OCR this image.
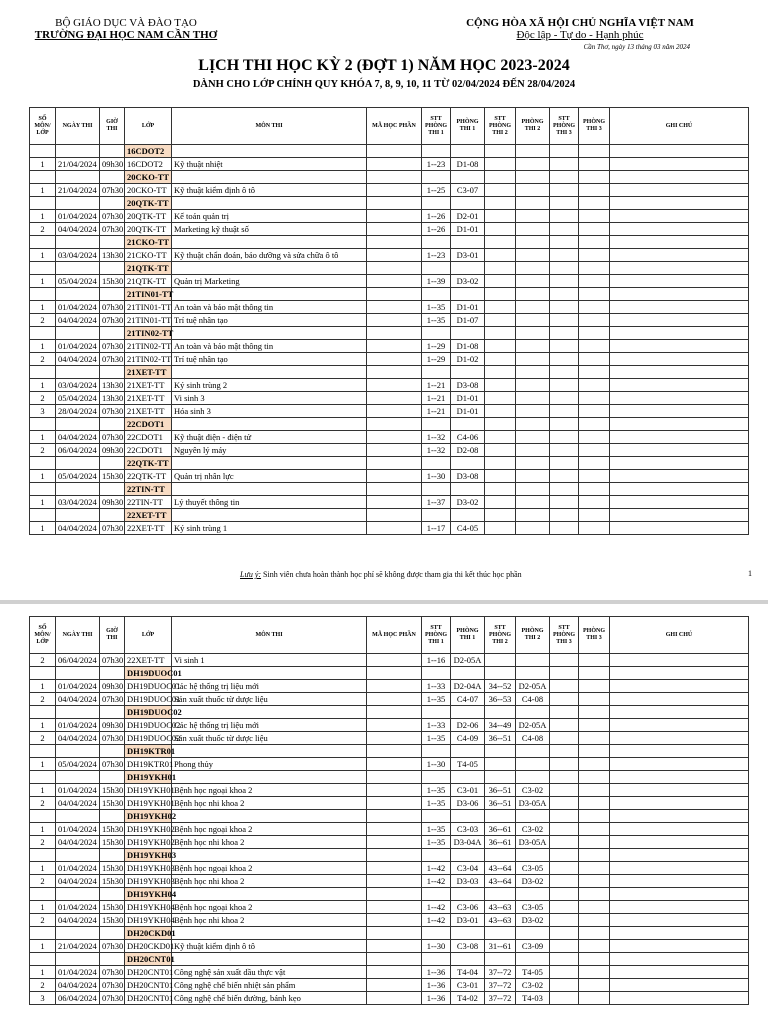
BỘ GIÁO DỤC VÀ ĐÀO TẠO
TRƯỜNG ĐẠI HỌC NAM CẦN THƠ
CỘNG HÒA XÃ HỘI CHỦ NGHĨA VIỆT NAM
Độc lập - Tự do - Hạnh phúc
Cần Thơ, ngày 13 tháng 03 năm 2024
LỊCH THI HỌC KỲ 2 (ĐỢT 1) NĂM HỌC 2023-2024
DÀNH CHO LỚP CHÍNH QUY KHÓA 7, 8, 9, 10, 11 TỪ 02/04/2024 ĐẾN 28/04/2024
SỐ MÔN/ LỚP	NGÀY THI	GIỜ THI	LỚP	MÔN THI	MÃ HỌC PHẦN	STT PHÒNG THI 1	PHÒNG THI 1	STT PHÒNG THI 2	PHÒNG THI 2	STT PHÒNG THI 3	PHÒNG THI 3	GHI CHÚ
			16CDOT2									
1	21/04/2024	09h30	16CDOT2	Kỹ thuật nhiệt		1--23	D1-08					
			20CKO-TT									
1	21/04/2024	07h30	20CKO-TT	Kỹ thuật kiểm định ô tô		1--25	C3-07					
			20QTK-TT									
1	01/04/2024	07h30	20QTK-TT	Kế toán quản trị		1--26	D2-01					
2	04/04/2024	07h30	20QTK-TT	Marketing kỹ thuật số		1--26	D1-01					
			21CKO-TT									
1	03/04/2024	13h30	21CKO-TT	Kỹ thuật chẩn đoán, bảo dưỡng và sửa chữa ô tô		1--23	D3-01					
			21QTK-TT									
1	05/04/2024	15h30	21QTK-TT	Quản trị Marketing		1--39	D3-02					
			21TIN01-TT									
1	01/04/2024	07h30	21TIN01-TT	An toàn và bảo mật thông tin		1--35	D1-01					
2	04/04/2024	07h30	21TIN01-TT	Trí tuệ nhân tạo		1--35	D1-07					
			21TIN02-TT									
1	01/04/2024	07h30	21TIN02-TT	An toàn và bảo mật thông tin		1--29	D1-08					
2	04/04/2024	07h30	21TIN02-TT	Trí tuệ nhân tạo		1--29	D1-02					
			21XET-TT									
1	03/04/2024	13h30	21XET-TT	Ký sinh trùng 2		1--21	D3-08					
2	05/04/2024	13h30	21XET-TT	Vi sinh 3		1--21	D1-01					
3	28/04/2024	07h30	21XET-TT	Hóa sinh 3		1--21	D1-01					
			22CDOT1									
1	04/04/2024	07h30	22CDOT1	Kỹ thuật điện - điện tử		1--32	C4-06					
2	06/04/2024	09h30	22CDOT1	Nguyên lý máy		1--32	D2-08					
			22QTK-TT									
1	05/04/2024	15h30	22QTK-TT	Quản trị nhân lực		1--30	D3-08					
			22TIN-TT									
1	03/04/2024	09h30	22TIN-TT	Lý thuyết thông tin		1--37	D3-02					
			22XET-TT									
1	04/04/2024	07h30	22XET-TT	Ký sinh trùng 1		1--17	C4-05					
Lưu ý: Sinh viên chưa hoàn thành học phí sẽ không được tham gia thi kết thúc học phần	1
SỐ MÔN/ LỚP	NGÀY THI	GIỜ THI	LỚP	MÔN THI	MÃ HỌC PHẦN	STT PHÒNG THI 1	PHÒNG THI 1	STT PHÒNG THI 2	PHÒNG THI 2	STT PHÒNG THI 3	PHÒNG THI 3	GHI CHÚ
2	06/04/2024	07h30	22XET-TT	Vi sinh 1		1--16	D2-05A					
			DH19DUOC01									
1	01/04/2024	09h30	DH19DUOC01	Các hệ thống trị liệu mới		1--33	D2-04A	34--52	D2-05A			
2	04/04/2024	07h30	DH19DUOC01	Sản xuất thuốc từ dược liệu		1--35	C4-07	36--53	C4-08			
			DH19DUOC02									
1	01/04/2024	09h30	DH19DUOC02	Các hệ thống trị liệu mới		1--33	D2-06	34--49	D2-05A			
2	04/04/2024	07h30	DH19DUOC02	Sản xuất thuốc từ dược liệu		1--35	C4-09	36--51	C4-08			
			DH19KTR01									
1	05/04/2024	07h30	DH19KTR01	Phong thủy		1--30	T4-05					
			DH19YKH01									
1	01/04/2024	15h30	DH19YKH01	Bệnh học ngoại khoa 2		1--35	C3-01	36--51	C3-02			
2	04/04/2024	15h30	DH19YKH01	Bệnh học nhi khoa 2		1--35	D3-06	36--51	D3-05A			
			DH19YKH02									
1	01/04/2024	15h30	DH19YKH02	Bệnh học ngoại khoa 2		1--35	C3-03	36--61	C3-02			
2	04/04/2024	15h30	DH19YKH02	Bệnh học nhi khoa 2		1--35	D3-04A	36--61	D3-05A			
			DH19YKH03									
1	01/04/2024	15h30	DH19YKH03	Bệnh học ngoại khoa 2		1--42	C3-04	43--64	C3-05			
2	04/04/2024	15h30	DH19YKH03	Bệnh học nhi khoa 2		1--42	D3-03	43--64	D3-02			
			DH19YKH04									
1	01/04/2024	15h30	DH19YKH04	Bệnh học ngoại khoa 2		1--42	C3-06	43--63	C3-05			
2	04/04/2024	15h30	DH19YKH04	Bệnh học nhi khoa 2		1--42	D3-01	43--63	D3-02			
			DH20CKD01									
1	21/04/2024	07h30	DH20CKD01	Kỹ thuật kiểm định ô tô		1--30	C3-08	31--61	C3-09			
			DH20CNT01									
1	01/04/2024	07h30	DH20CNT01	Công nghệ sản xuất dầu thực vật		1--36	T4-04	37--72	T4-05			
2	04/04/2024	07h30	DH20CNT01	Công nghệ chế biến nhiệt sản phẩm		1--36	C3-01	37--72	C3-02			
3	06/04/2024	07h30	DH20CNT01	Công nghệ chế biến đường, bánh kẹo		1--36	T4-02	37--72	T4-03			
